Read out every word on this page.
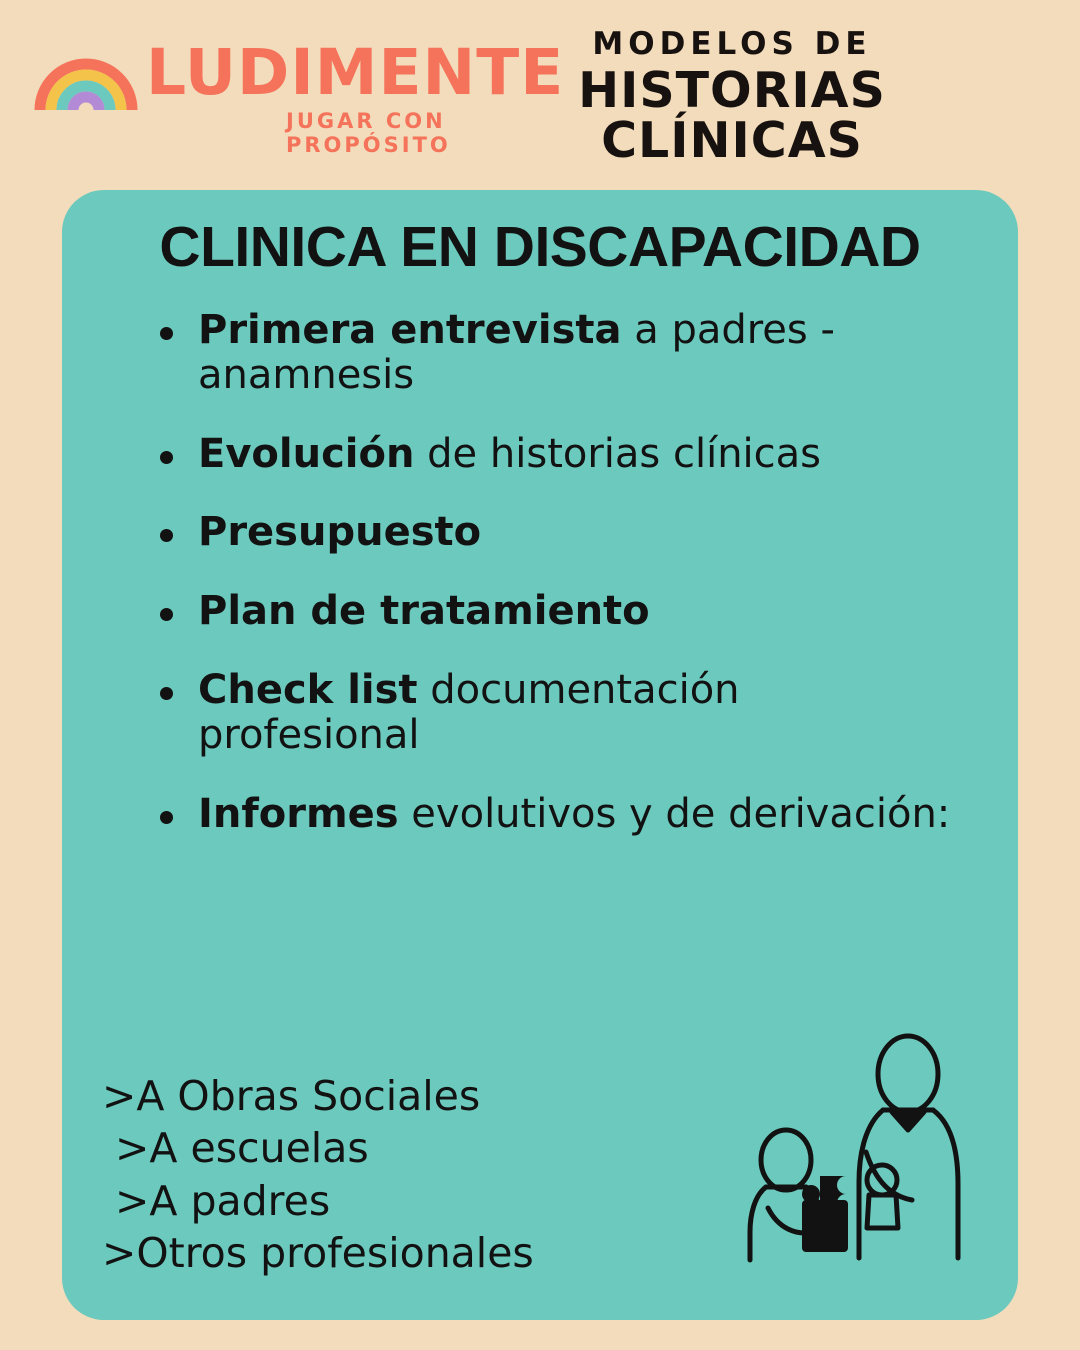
LUDIMENTE
JUGAR CON PROPÓSITO
MODELOS DE
HISTORIAS
CLÍNICAS
CLINICA EN DISCAPACIDAD
Primera entrevista a padres - anamnesis
Evolución de historias clínicas
Presupuesto
Plan de tratamiento
Check list documentación profesional
Informes evolutivos y de derivación:
>A Obras Sociales
>A escuelas
>A padres
>Otros profesionales
